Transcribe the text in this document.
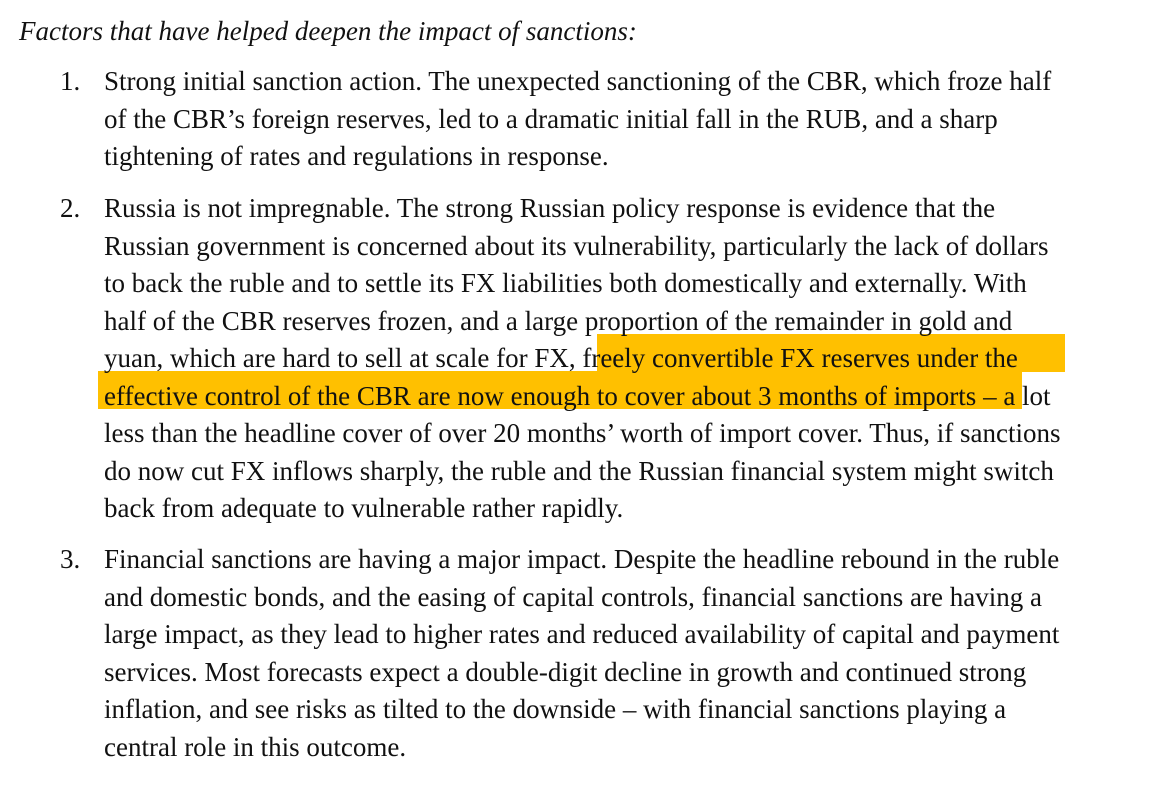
Factors that have helped deepen the impact of sanctions:

1. Strong initial sanction action. The unexpected sanctioning of the CBR, which froze half
of the CBR’s foreign reserves, led to a dramatic initial fall in the RUB, and a sharp
tightening of rates and regulations in response.
2. Russia is not impregnable. The strong Russian policy response is evidence that the
Russian government is concerned about its vulnerability, particularly the lack of dollars
to back the ruble and to settle its FX liabilities both domestically and externally. With
half of the CBR reserves frozen, and a large proportion of the remainder in gold and
yuan, which are hard to sell at scale for FX, freely convertible FX reserves under the
effective control of the CBR are now enough to cover about 3 months of imports – a lot
less than the headline cover of over 20 months’ worth of import cover. Thus, if sanctions
do now cut FX inflows sharply, the ruble and the Russian financial system might switch
back from adequate to vulnerable rather rapidly.
3. Financial sanctions are having a major impact. Despite the headline rebound in the ruble
and domestic bonds, and the easing of capital controls, financial sanctions are having a
large impact, as they lead to higher rates and reduced availability of capital and payment
services. Most forecasts expect a double-digit decline in growth and continued strong
inflation, and see risks as tilted to the downside – with financial sanctions playing a
central role in this outcome.
